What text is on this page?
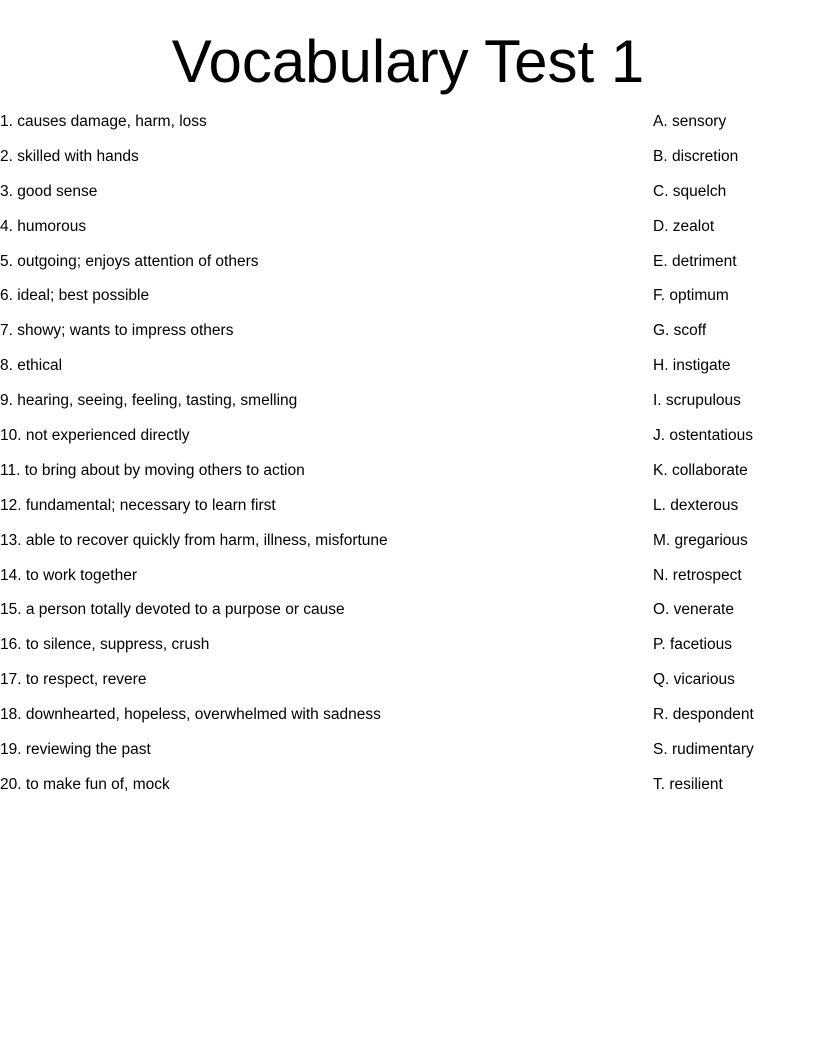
Vocabulary Test 1
1. causes damage, harm, loss
2. skilled with hands
3. good sense
4. humorous
5. outgoing; enjoys attention of others
6. ideal; best possible
7. showy; wants to impress others
8. ethical
9. hearing, seeing, feeling, tasting, smelling
10. not experienced directly
11. to bring about by moving others to action
12. fundamental; necessary to learn first
13. able to recover quickly from harm, illness, misfortune
14. to work together
15. a person totally devoted to a purpose or cause
16. to silence, suppress, crush
17. to respect, revere
18. downhearted, hopeless, overwhelmed with sadness
19. reviewing the past
20. to make fun of, mock
A. sensory
B. discretion
C. squelch
D. zealot
E. detriment
F. optimum
G. scoff
H. instigate
I. scrupulous
J. ostentatious
K. collaborate
L. dexterous
M. gregarious
N. retrospect
O. venerate
P. facetious
Q. vicarious
R. despondent
S. rudimentary
T. resilient
